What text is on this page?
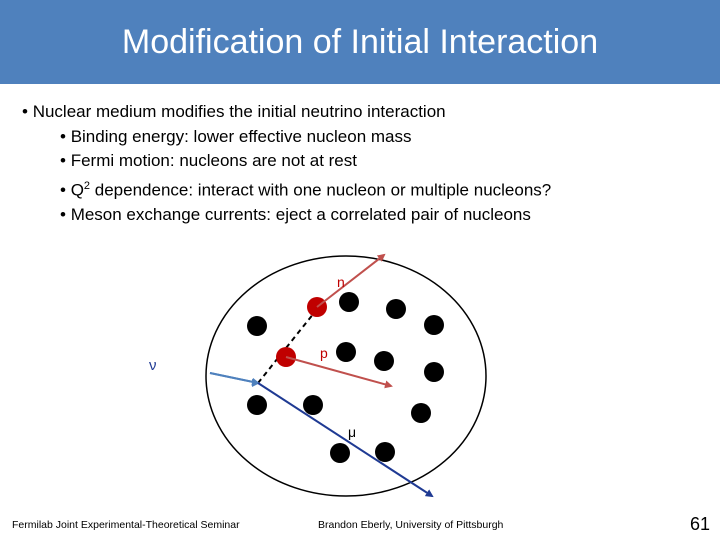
Modification of Initial Interaction
• Nuclear medium modifies the initial neutrino interaction
• Binding energy: lower effective nucleon mass
• Fermi motion: nucleons are not at rest
• $Q^2$ dependence: interact with one nucleon or multiple nucleons?
• Meson exchange currents: eject a correlated pair of nucleons
n
p
ν
μ
Fermilab Joint Experimental-Theoretical Seminar	Brandon Eberly, University of Pittsburgh	61
